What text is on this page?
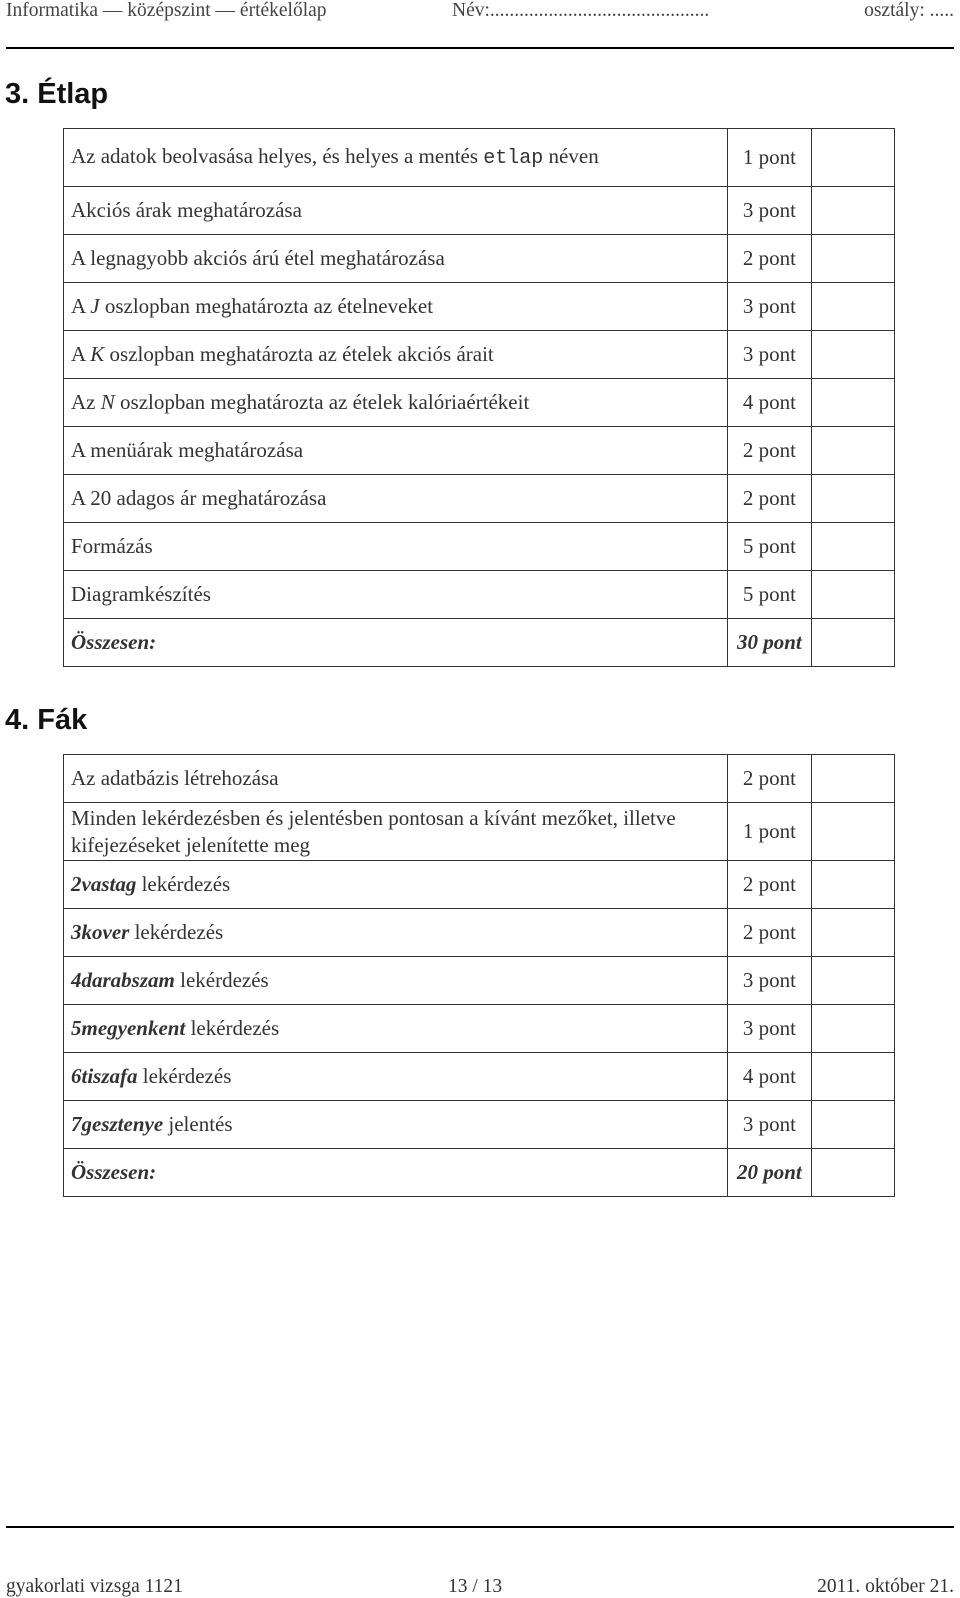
Informatika — középszint — értékelőlap	Név:.............................................	osztály: .....
3. Étlap
Az adatok beolvasása helyes, és helyes a mentés etlap néven	1 pont	
Akciós árak meghatározása	3 pont	
A legnagyobb akciós árú étel meghatározása	2 pont	
A J oszlopban meghatározta az ételneveket	3 pont	
A K oszlopban meghatározta az ételek akciós árait	3 pont	
Az N oszlopban meghatározta az ételek kalóriaértékeit	4 pont	
A menüárak meghatározása	2 pont	
A 20 adagos ár meghatározása	2 pont	
Formázás	5 pont	
Diagramkészítés	5 pont	
Összesen:	30 pont	
4. Fák
Az adatbázis létrehozása	2 pont	
Minden lekérdezésben és jelentésben pontosan a kívánt mezőket, illetve kifejezéseket jelenítette meg	1 pont	
2vastag lekérdezés	2 pont	
3kover lekérdezés	2 pont	
4darabszam lekérdezés	3 pont	
5megyenkent lekérdezés	3 pont	
6tiszafa lekérdezés	4 pont	
7gesztenye jelentés	3 pont	
Összesen:	20 pont	
gyakorlati vizsga 1121	13 / 13	2011. október 21.
